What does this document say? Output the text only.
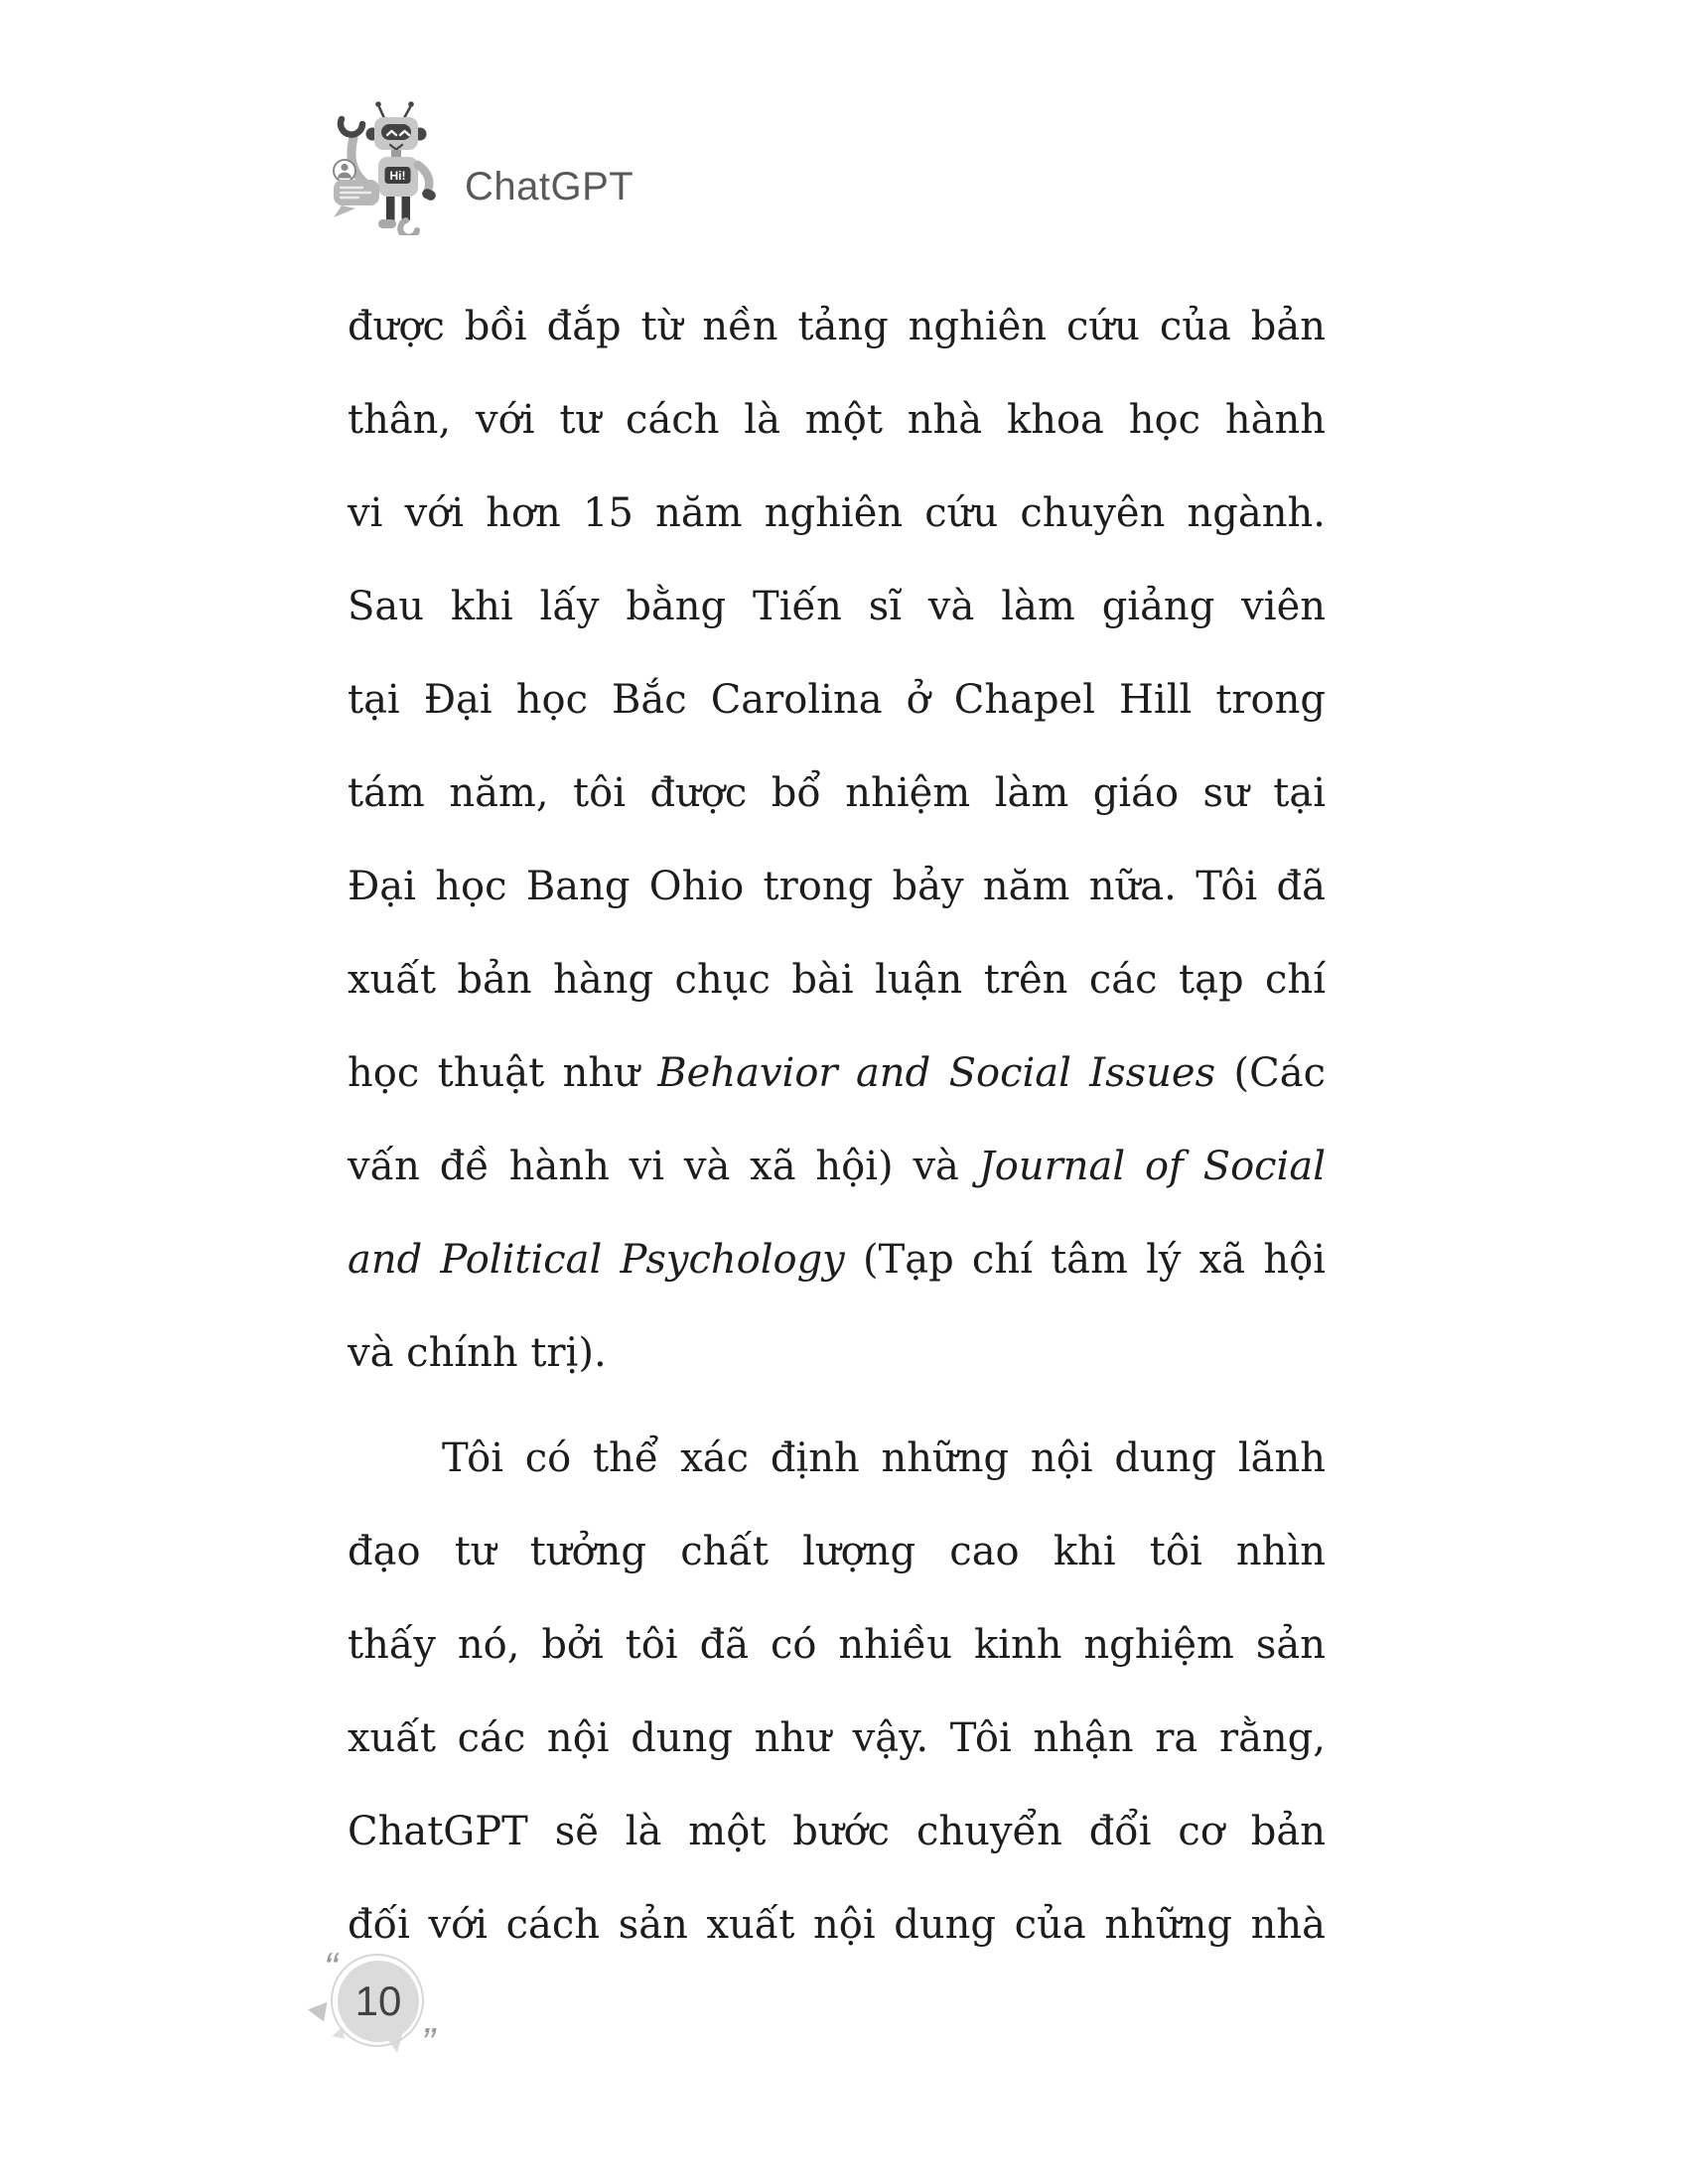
Hi! ChatGPT
được bồi đắp từ nền tảng nghiên cứu của bản
thân, với tư cách là một nhà khoa học hành
vi với hơn 15 năm nghiên cứu chuyên ngành.
Sau khi lấy bằng Tiến sĩ và làm giảng viên
tại Đại học Bắc Carolina ở Chapel Hill trong
tám năm, tôi được bổ nhiệm làm giáo sư tại
Đại học Bang Ohio trong bảy năm nữa. Tôi đã
xuất bản hàng chục bài luận trên các tạp chí
học thuật như Behavior and Social Issues (Các
vấn đề hành vi và xã hội) và Journal of Social
and Political Psychology (Tạp chí tâm lý xã hội
và chính trị).
Tôi có thể xác định những nội dung lãnh
đạo tư tưởng chất lượng cao khi tôi nhìn
thấy nó, bởi tôi đã có nhiều kinh nghiệm sản
xuất các nội dung như vậy. Tôi nhận ra rằng,
ChatGPT sẽ là một bước chuyển đổi cơ bản
đối với cách sản xuất nội dung của những nhà
“
10
”
